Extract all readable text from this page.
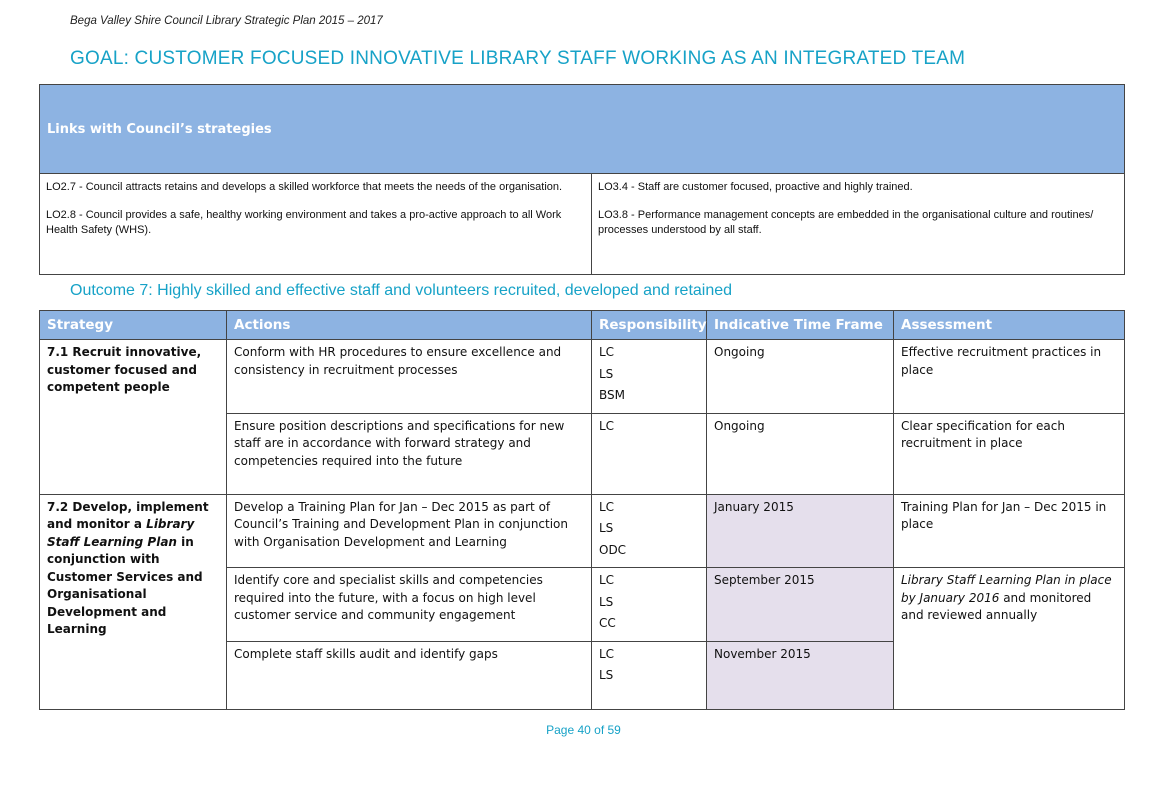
Bega Valley Shire Council Library Strategic Plan 2015 – 2017
GOAL: CUSTOMER FOCUSED INNOVATIVE LIBRARY STAFF WORKING AS AN INTEGRATED TEAM
Links with Council’s strategies

LO2.7 - Council attracts retains and develops a skilled workforce that meets the needs of the organisation.

LO2.8 - Council provides a safe, healthy working environment and takes a pro-active approach to all Work Health Safety (WHS).

LO3.4 - Staff are customer focused, proactive and highly trained.

LO3.8 - Performance management concepts are embedded in the organisational culture and routines/ processes understood by all staff.

Outcome 7: Highly skilled and effective staff and volunteers recruited, developed and retained
Strategy	Actions	Responsibility	Indicative Time Frame	Assessment
7.1 Recruit innovative, customer focused and competent people	Conform with HR procedures to ensure excellence and consistency in recruitment processes	LC
LS
BSM	Ongoing	Effective recruitment practices in place
	Ensure position descriptions and specifications for new staff are in accordance with forward strategy and competencies required into the future	LC	Ongoing	Clear specification for each recruitment in place
7.2 Develop, implement and monitor a Library Staff Learning Plan in conjunction with Customer Services and Organisational Development and Learning	Develop a Training Plan for Jan – Dec 2015 as part of Council’s Training and Development Plan in conjunction with Organisation Development and Learning	LC
LS
ODC	January 2015	Training Plan for Jan – Dec 2015 in place
	Identify core and specialist skills and competencies required into the future, with a focus on high level customer service and community engagement	LC
LS
CC	September 2015	Library Staff Learning Plan in place by January 2016 and monitored and reviewed annually
	Complete staff skills audit and identify gaps	LC
LS	November 2015	
Page 40 of 59
